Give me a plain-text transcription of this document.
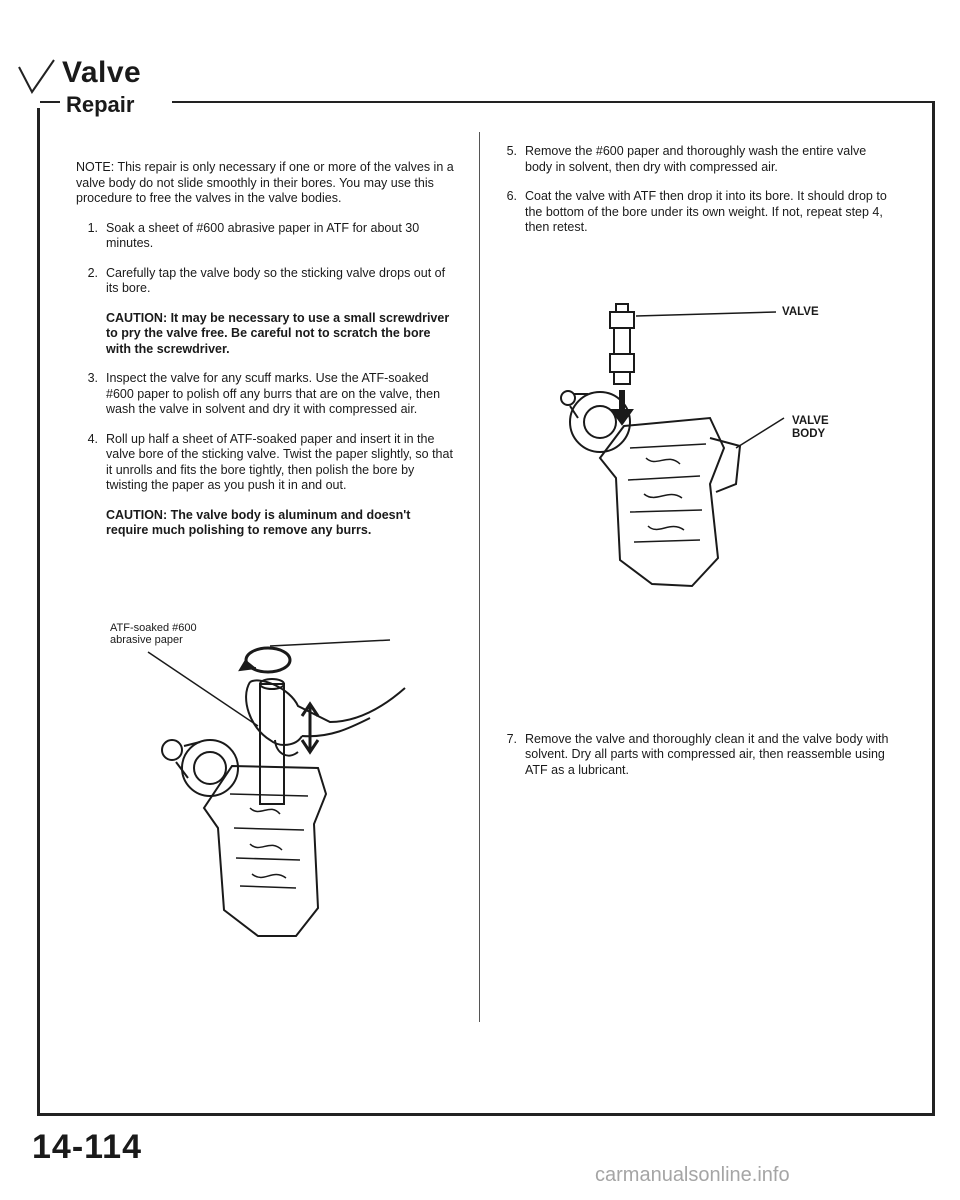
Valve
Repair
NOTE: This repair is only necessary if one or more of the valves in a valve body do not slide smoothly in their bores. You may use this procedure to free the valves in the valve bodies.
1. Soak a sheet of #600 abrasive paper in ATF for about 30 minutes.
2. Carefully tap the valve body so the sticking valve drops out of its bore.
CAUTION: It may be necessary to use a small screwdriver to pry the valve free. Be careful not to scratch the bore with the screwdriver.
3. Inspect the valve for any scuff marks. Use the ATF-soaked #600 paper to polish off any burrs that are on the valve, then wash the valve in solvent and dry it with compressed air.
4. Roll up half a sheet of ATF-soaked paper and insert it in the valve bore of the sticking valve. Twist the paper slightly, so that it unrolls and fits the bore tightly, then polish the bore by twisting the paper as you push it in and out.
CAUTION: The valve body is aluminum and doesn't require much polishing to remove any burrs.
ATF-soaked #600 abrasive paper
5. Remove the #600 paper and thoroughly wash the entire valve body in solvent, then dry with compressed air.
6. Coat the valve with ATF then drop it into its bore. It should drop to the bottom of the bore under its own weight. If not, repeat step 4, then retest.
7. Remove the valve and thoroughly clean it and the valve body with solvent. Dry all parts with compressed air, then reassemble using ATF as a lubricant.
VALVE
VALVE
BODY
14-114
carmanualsonline.info
